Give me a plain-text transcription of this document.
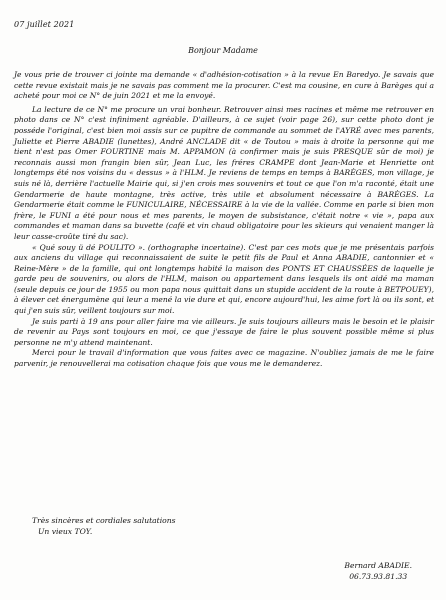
07 juillet 2021
Bonjour Madame

Je vous prie de trouver ci jointe ma demande « d'adhésion-cotisation » à la revue En Baredyo. Je savais que cette revue existait mais je ne savais pas comment me la procurer. C'est ma cousine, en cure à Barèges qui a acheté pour moi ce N° de juin 2021 et me la envoyé.

La lecture de ce N° me procure un vrai bonheur. Retrouver ainsi mes racines et même me retrouver en photo dans ce N° c'est infiniment agréable. D'ailleurs, à ce sujet (voir page 26), sur cette photo dont je posséde l'original, c'est bien moi assis sur ce pupitre de commande au sommet de l'AYRÉ avec mes parents, Juliette et Pierre ABADIE (lunettes), André ANCLADE dit « de Toutou » mais à droite la personne qui me tient n'est pas Omer FOURTINE mais M. APPAMON (à confirmer mais je suis PRESQUE sûr de moi) je reconnais aussi mon frangin bien sûr, Jean Luc, les fréres CRAMPE dont Jean-Marie et Henriette ont longtemps été nos voisins du « dessus » à l'HLM. Je reviens de temps en temps à BARÈGES, mon village, je suis né là, derrière l'actuelle Mairie qui, si j'en crois mes souvenirs et tout ce que l'on m'a raconté, était une Gendarmerie de haute montagne, très active, très utile et absolument nécessaire à BARÈGES. La Gendarmerie était comme le FUNICULAIRE, NÉCESSAIRE à la vie de la vallée. Comme en parle si bien mon frère, le FUNI a été pour nous et mes parents, le moyen de subsistance, c'était notre « vie », papa aux commandes et maman dans sa buvette (café et vin chaud obligatoire pour les skieurs qui venaient manger là leur casse-croûte tiré du sac).

« Qué souy ü dé POULITO ». (orthographe incertaine). C'est par ces mots que je me présentais parfois aux anciens du village qui reconnaissaient de suite le petit fils de Paul et Anna ABADIE, cantonnier et « Reine-Mère » de la famille, qui ont longtemps habité la maison des PONTS ET CHAUSSÉES de laquelle je garde peu de souvenirs, ou alors de l'HLM, maison ou appartement dans lesquels ils ont aidé ma maman (seule depuis ce jour de 1955 ou mon papa nous quittait dans un stupide accident de la route à BETPOUEY), à élever cet énergumène qui leur a mené la vie dure et qui, encore aujourd'hui, les aime fort là ou ils sont, et qui j'en suis sûr, veillent toujours sur moi.

Je suis parti à 19 ans pour aller faire ma vie ailleurs. Je suis toujours ailleurs mais le besoin et le plaisir de revenir au Pays sont toujours en moi, ce que j'essaye de faire le plus souvent possible même si plus personne ne m'y attend maintenant.

Merci pour le travail d'information que vous faites avec ce magazine. N'oubliez jamais de me le faire parvenir, je renouvellerai ma cotisation chaque fois que vous me le demanderez.

Très sincères et cordiales salutations
Un vieux TOY.
Bernard ABADIE.
06.73.93.81.33
